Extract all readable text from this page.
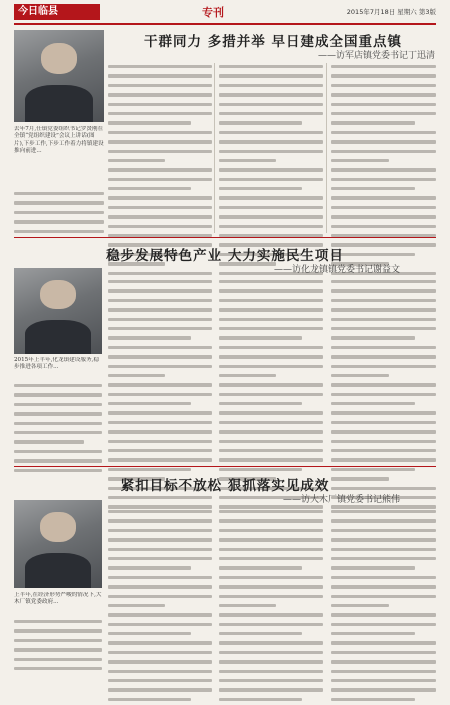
今日临县	专刊	2015年7月18日 星期六 第3版
干群同力 多措并举 早日建成全国重点镇
——访军店镇党委书记丁迅清
去年7月,任镇党委组织书记罗贤刚在全镇“党组织建设”会议上讲话(图片),下步工作,下步工作着力将镇建设推向前进...
稳步发展特色产业 大力实施民生项目
——访化龙镇镇党委书记谢益文
2015年上半年,化龙镇建设服务,稳步推进各项工作...
紧扣目标不放松 狠抓落实见成效
——访大木厂镇党委书记熊伟
上半年,在经济形势严峻的情况下,大木厂镇党委政府...
